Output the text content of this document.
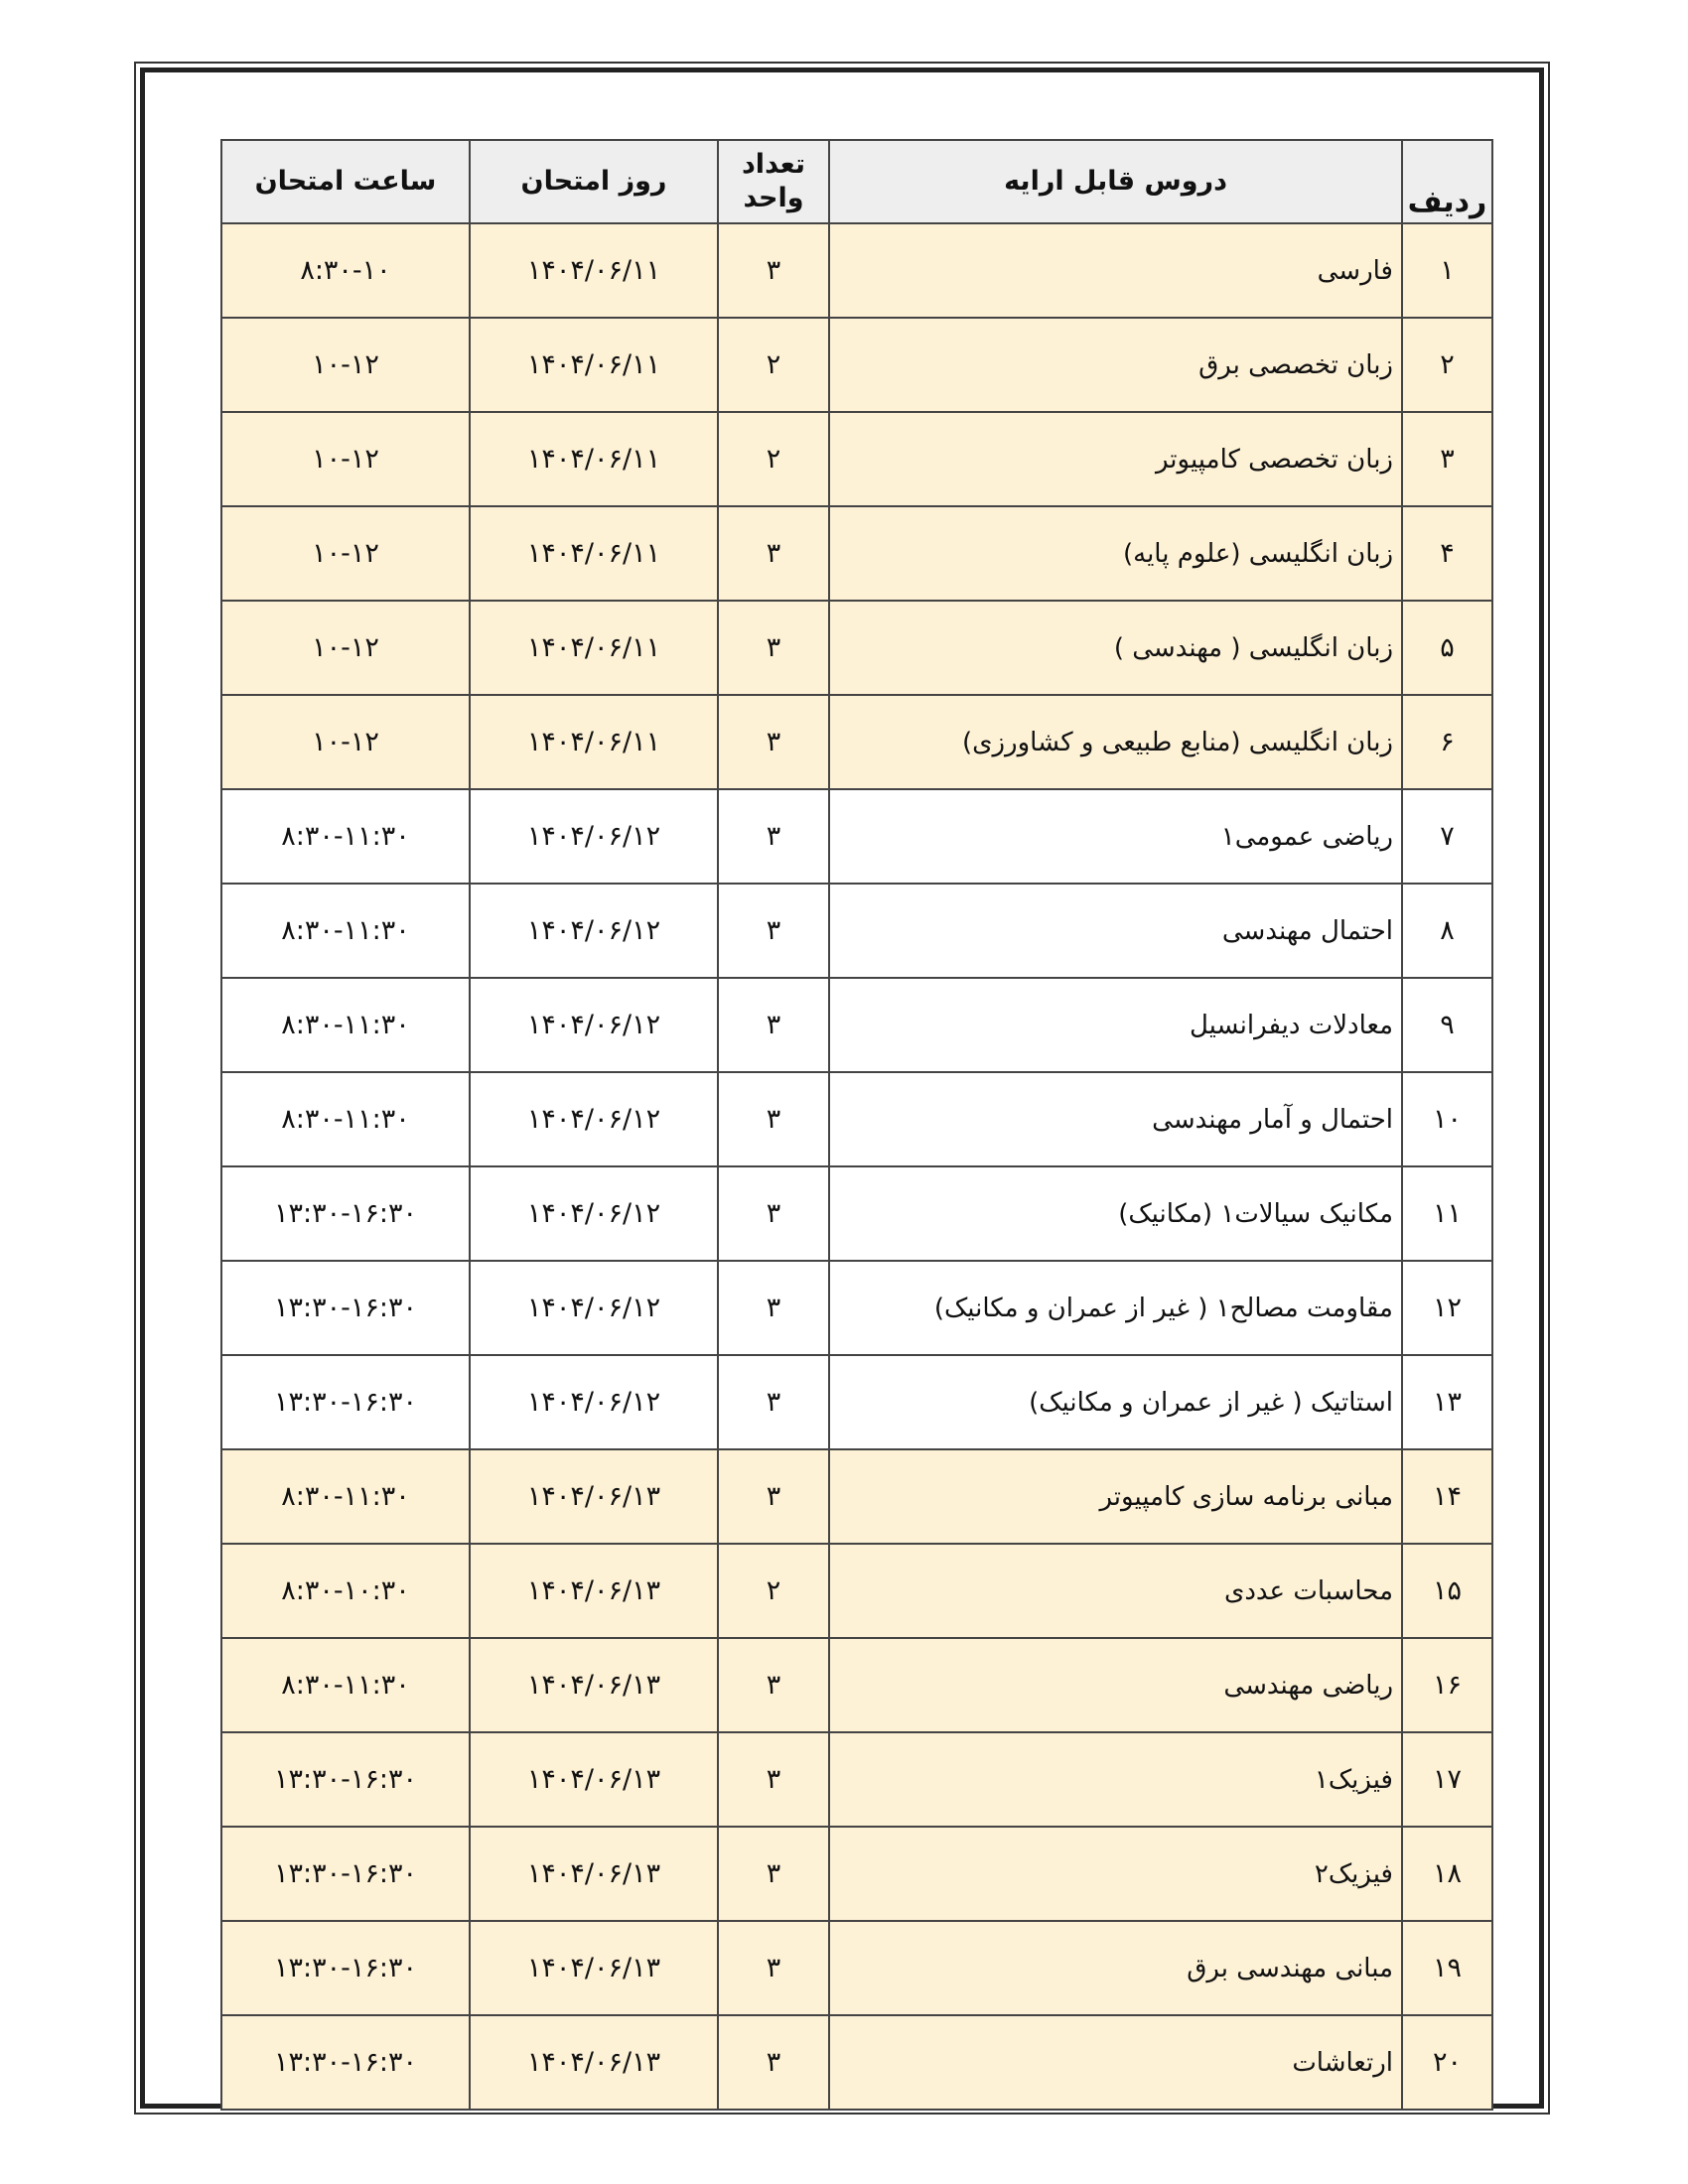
ردیف	دروس قابل ارایه	تعداد واحد	روز امتحان	ساعت امتحان
۱	فارسی	۳	۱۴۰۴/۰۶/۱۱	۸:۳۰-۱۰
۲	زبان تخصصی برق	۲	۱۴۰۴/۰۶/۱۱	۱۰-۱۲
۳	زبان تخصصی کامپیوتر	۲	۱۴۰۴/۰۶/۱۱	۱۰-۱۲
۴	زبان انگلیسی (علوم پایه)	۳	۱۴۰۴/۰۶/۱۱	۱۰-۱۲
۵	زبان انگلیسی ( مهندسی )	۳	۱۴۰۴/۰۶/۱۱	۱۰-۱۲
۶	زبان انگلیسی (منابع طبیعی و کشاورزی)	۳	۱۴۰۴/۰۶/۱۱	۱۰-۱۲
۷	ریاضی عمومی۱	۳	۱۴۰۴/۰۶/۱۲	۸:۳۰-۱۱:۳۰
۸	احتمال مهندسی	۳	۱۴۰۴/۰۶/۱۲	۸:۳۰-۱۱:۳۰
۹	معادلات دیفرانسیل	۳	۱۴۰۴/۰۶/۱۲	۸:۳۰-۱۱:۳۰
۱۰	احتمال و آمار مهندسی	۳	۱۴۰۴/۰۶/۱۲	۸:۳۰-۱۱:۳۰
۱۱	مکانیک سیالات۱ (مکانیک)	۳	۱۴۰۴/۰۶/۱۲	۱۳:۳۰-۱۶:۳۰
۱۲	مقاومت مصالح۱ ( غیر از عمران و مکانیک)	۳	۱۴۰۴/۰۶/۱۲	۱۳:۳۰-۱۶:۳۰
۱۳	استاتیک ( غیر از عمران و مکانیک)	۳	۱۴۰۴/۰۶/۱۲	۱۳:۳۰-۱۶:۳۰
۱۴	مبانی برنامه سازی کامپیوتر	۳	۱۴۰۴/۰۶/۱۳	۸:۳۰-۱۱:۳۰
۱۵	محاسبات عددی	۲	۱۴۰۴/۰۶/۱۳	۸:۳۰-۱۰:۳۰
۱۶	ریاضی مهندسی	۳	۱۴۰۴/۰۶/۱۳	۸:۳۰-۱۱:۳۰
۱۷	فیزیک۱	۳	۱۴۰۴/۰۶/۱۳	۱۳:۳۰-۱۶:۳۰
۱۸	فیزیک۲	۳	۱۴۰۴/۰۶/۱۳	۱۳:۳۰-۱۶:۳۰
۱۹	مبانی مهندسی برق	۳	۱۴۰۴/۰۶/۱۳	۱۳:۳۰-۱۶:۳۰
۲۰	ارتعاشات	۳	۱۴۰۴/۰۶/۱۳	۱۳:۳۰-۱۶:۳۰
